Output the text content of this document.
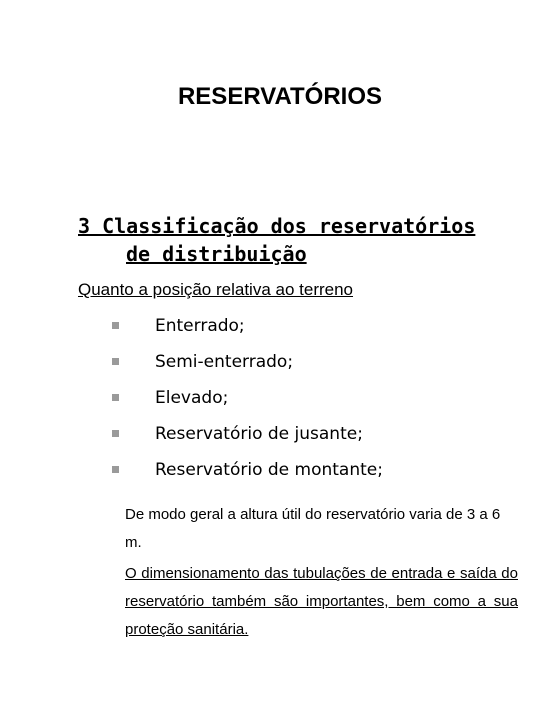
RESERVATÓRIOS
3 Classificação dos reservatórios
de distribuição

Quanto a posição relativa ao terreno

Enterrado;
Semi-enterrado;
Elevado;
Reservatório de jusante;
Reservatório de montante;

De modo geral a altura útil do reservatório varia de 3 a 6 m.

O dimensionamento das tubulações de entrada e saída do reservatório também são importantes, bem como a sua proteção sanitária.
